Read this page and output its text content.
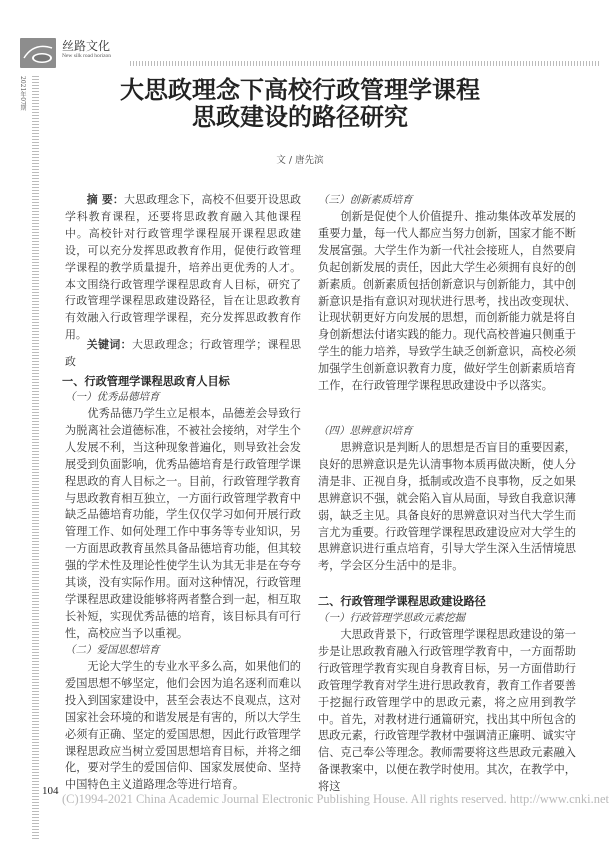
丝路文化
New silk road horizon
2021年07期	大思政理念下高校行政管理学课程
思政建设的路径研究
文 / 唐先滨
摘 要：大思政理念下，高校不但要开设思政学科教育课程，还要将思政教育融入其他课程中。高校针对行政管理学课程展开课程思政建设，可以充分发挥思政教育作用，促使行政管理学课程的教学质量提升，培养出更优秀的人才。本文围绕行政管理学课程思政育人目标，研究了行政管理学课程思政建设路径，旨在让思政教育有效融入行政管理学课程，充分发挥思政教育作用。
关键词：大思政理念；行政管理学；课程思政
一、行政管理学课程思政育人目标
（一）优秀品德培育

优秀品德乃学生立足根本，品德差会导致行为脱离社会道德标准，不被社会接纳，对学生个人发展不利，当这种现象普遍化，则导致社会发展受到负面影响，优秀品德培育是行政管理学课程思政的育人目标之一。目前，行政管理学教育与思政教育相互独立，一方面行政管理学教育中缺乏品德培育功能，学生仅仅学习如何开展行政管理工作、如何处理工作中事务等专业知识，另一方面思政教育虽然具备品德培育功能，但其较强的学术性及理论性使学生认为其无非是在夸夸其谈，没有实际作用。面对这种情况，行政管理学课程思政建设能够将两者整合到一起，相互取长补短，实现优秀品德的培育，该目标具有可行性，高校应当予以重视。

（二）爱国思想培育

无论大学生的专业水平多么高，如果他们的爱国思想不够坚定，他们会因为追名逐利而难以投入到国家建设中，甚至会表达不良观点，这对国家社会环境的和谐发展是有害的，所以大学生必须有正确、坚定的爱国思想，因此行政管理学课程思政应当树立爱国思想培育目标，并将之细化，要对学生的爱国信仰、国家发展使命、坚持中国特色主义道路理念等进行培育。

（三）创新素质培育

创新是促使个人价值提升、推动集体改革发展的重要力量，每一代人都应当努力创新，国家才能不断发展富强。大学生作为新一代社会接班人，自然要肩负起创新发展的责任，因此大学生必须拥有良好的创新素质。创新素质包括创新意识与创新能力，其中创新意识是指有意识对现状进行思考，找出改变现状、让现状朝更好方向发展的思想，而创新能力就是将自身创新想法付诸实践的能力。现代高校普遍只侧重于学生的能力培养，导致学生缺乏创新意识，高校必须加强学生创新意识教育力度，做好学生创新素质培育工作，在行政管理学课程思政建设中予以落实。

（四）思辨意识培育

思辨意识是判断人的思想是否盲目的重要因素，良好的思辨意识是先认清事物本质再做决断，使人分清是非、正视自身，抵制或改造不良事物，反之如果思辨意识不强，就会陷入盲从局面，导致自我意识薄弱，缺乏主见。具备良好的思辨意识对当代大学生而言尤为重要。行政管理学课程思政建设应对大学生的思辨意识进行重点培育，引导大学生深入生活情境思考，学会区分生活中的是非。

二、行政管理学课程思政建设路径
（一）行政管理学思政元素挖掘

大思政背景下，行政管理学课程思政建设的第一步是让思政教育融入行政管理学教育中，一方面帮助行政管理学教育实现自身教育目标，另一方面借助行政管理学教育对学生进行思政教育，教育工作者要善于挖掘行政管理学中的思政元素，将之应用到教学中。首先，对教材进行通篇研究，找出其中所包含的思政元素，行政管理学教材中强调清正廉明、诚实守信、克己奉公等理念。教师需要将这些思政元素融入备课教案中，以便在教学时使用。其次，在教学中，将这

104
(C)1994-2021 China Academic Journal Electronic Publishing House. All rights reserved. http://www.cnki.net
